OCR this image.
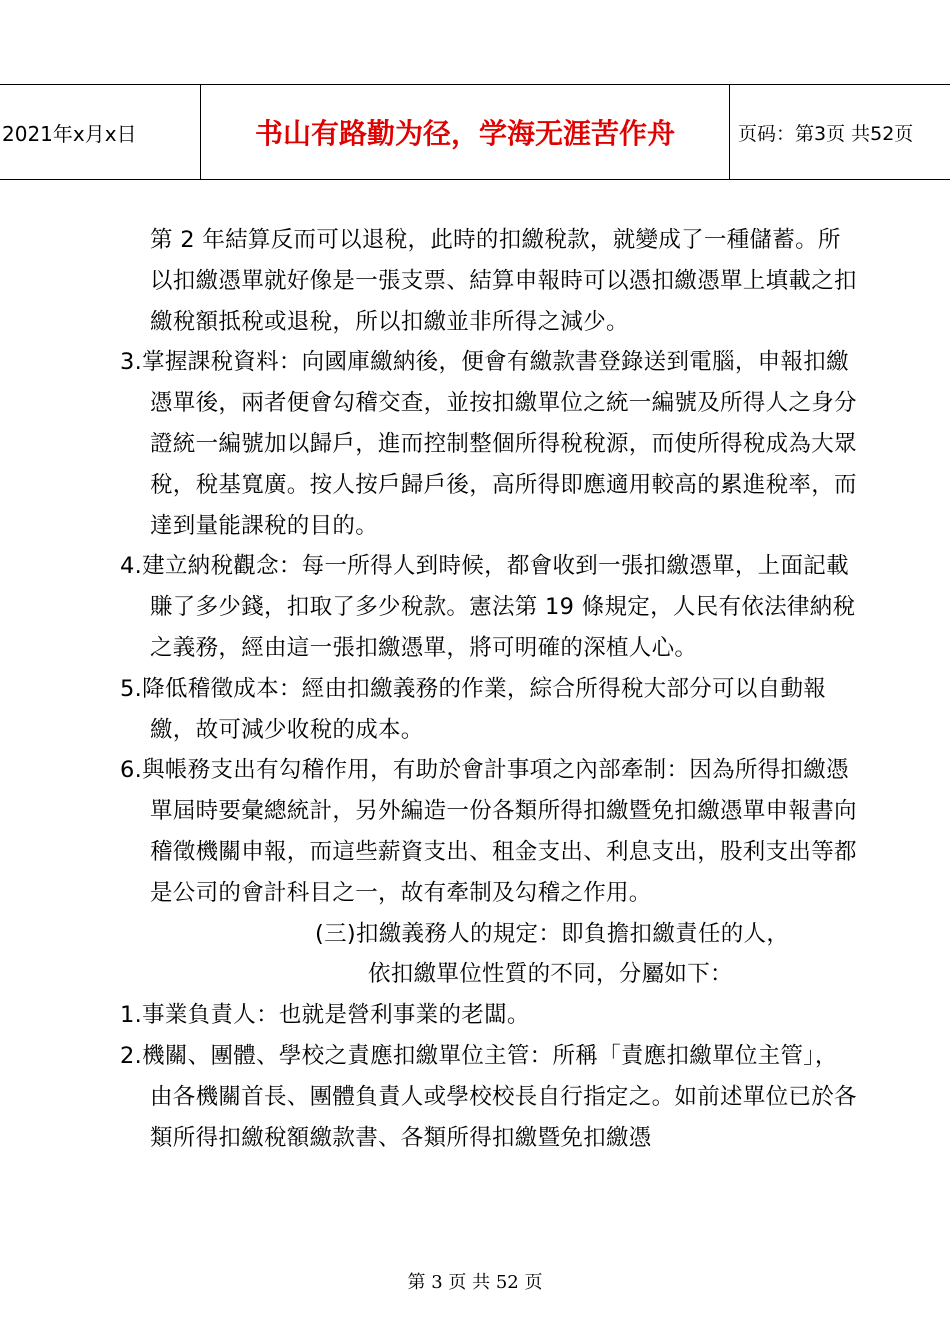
2021年x月x日	书山有路勤为径，学海无涯苦作舟	页码：第3页 共52页

第 2 年結算反而可以退稅，此時的扣繳稅款，就變成了一種儲蓄。所以扣繳憑單就好像是一張支票、結算申報時可以憑扣繳憑單上填載之扣繳稅額抵稅或退稅，所以扣繳並非所得之減少。

3.掌握課稅資料：向國庫繳納後，便會有繳款書登錄送到電腦，申報扣繳憑單後，兩者便會勾稽交查，並按扣繳單位之統一編號及所得人之身分證統一編號加以歸戶，進而控制整個所得稅稅源，而使所得稅成為大眾稅，稅基寬廣。按人按戶歸戶後，高所得即應適用較高的累進稅率，而達到量能課稅的目的。

4.建立納稅觀念：每一所得人到時候，都會收到一張扣繳憑單，上面記載賺了多少錢，扣取了多少稅款。憲法第 19 條規定，人民有依法律納稅之義務，經由這一張扣繳憑單，將可明確的深植人心。

5.降低稽徵成本：經由扣繳義務的作業，綜合所得稅大部分可以自動報繳，故可減少收稅的成本。

6.與帳務支出有勾稽作用，有助於會計事項之內部牽制：因為所得扣繳憑單屆時要彙總統計，另外編造一份各類所得扣繳暨免扣繳憑單申報書向稽徵機關申報，而這些薪資支出、租金支出、利息支出，股利支出等都是公司的會計科目之一，故有牽制及勾稽之作用。

(三)扣繳義務人的規定：即負擔扣繳責任的人，

依扣繳單位性質的不同，分屬如下：

1.事業負責人：也就是營利事業的老闆。

2.機關、團體、學校之責應扣繳單位主管：所稱「責應扣繳單位主管」，由各機關首長、團體負責人或學校校長自行指定之。如前述單位已於各類所得扣繳稅額繳款書、各類所得扣繳暨免扣繳憑

第 3 页 共 52 页
